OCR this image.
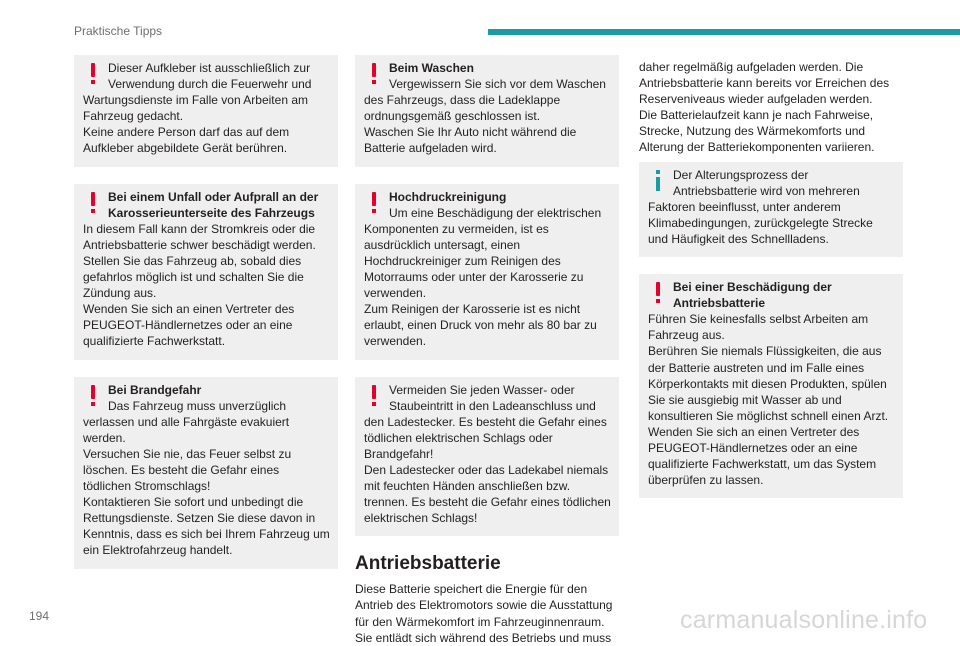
Praktische Tipps

Dieser Aufkleber ist ausschließlich zur Verwendung durch die Feuerwehr und Wartungsdienste im Falle von Arbeiten am Fahrzeug gedacht.

Keine andere Person darf das auf dem Aufkleber abgebildete Gerät berühren.

Bei einem Unfall oder Aufprall an der Karosserieunterseite des Fahrzeugs

In diesem Fall kann der Stromkreis oder die Antriebsbatterie schwer beschädigt werden.

Stellen Sie das Fahrzeug ab, sobald dies gefahrlos möglich ist und schalten Sie die Zündung aus.

Wenden Sie sich an einen Vertreter des PEUGEOT-Händlernetzes oder an eine qualifizierte Fachwerkstatt.

Bei Brandgefahr

Das Fahrzeug muss unverzüglich verlassen und alle Fahrgäste evakuiert werden.

Versuchen Sie nie, das Feuer selbst zu löschen. Es besteht die Gefahr eines tödlichen Stromschlags!

Kontaktieren Sie sofort und unbedingt die Rettungsdienste. Setzen Sie diese davon in Kenntnis, dass es sich bei Ihrem Fahrzeug um ein Elektrofahrzeug handelt.

Beim Waschen

Vergewissern Sie sich vor dem Waschen des Fahrzeugs, dass die Ladeklappe ordnungsgemäß geschlossen ist.

Waschen Sie Ihr Auto nicht während die Batterie aufgeladen wird.

Hochdruckreinigung

Um eine Beschädigung der elektrischen Komponenten zu vermeiden, ist es ausdrücklich untersagt, einen Hochdruckreiniger zum Reinigen des Motorraums oder unter der Karosserie zu verwenden.

Zum Reinigen der Karosserie ist es nicht erlaubt, einen Druck von mehr als 80 bar zu verwenden.

Vermeiden Sie jeden Wasser- oder Staubeintritt in den Ladeanschluss und den Ladestecker. Es besteht die Gefahr eines tödlichen elektrischen Schlags oder Brandgefahr!

Den Ladestecker oder das Ladekabel niemals mit feuchten Händen anschließen bzw. trennen. Es besteht die Gefahr eines tödlichen elektrischen Schlags!

Antriebsbatterie

Diese Batterie speichert die Energie für den Antrieb des Elektromotors sowie die Ausstattung für den Wärmekomfort im Fahrzeuginnenraum. Sie entlädt sich während des Betriebs und muss

daher regelmäßig aufgeladen werden. Die Antriebsbatterie kann bereits vor Erreichen des Reserveniveaus wieder aufgeladen werden.

Die Batterielaufzeit kann je nach Fahrweise, Strecke, Nutzung des Wärmekomforts und Alterung der Batteriekomponenten variieren.

Der Alterungsprozess der Antriebsbatterie wird von mehreren Faktoren beeinflusst, unter anderem Klimabedingungen, zurückgelegte Strecke und Häufigkeit des Schnellladens.

Bei einer Beschädigung der Antriebsbatterie

Führen Sie keinesfalls selbst Arbeiten am Fahrzeug aus.

Berühren Sie niemals Flüssigkeiten, die aus der Batterie austreten und im Falle eines Körperkontakts mit diesen Produkten, spülen Sie sie ausgiebig mit Wasser ab und konsultieren Sie möglichst schnell einen Arzt.

Wenden Sie sich an einen Vertreter des PEUGEOT-Händlernetzes oder an eine qualifizierte Fachwerkstatt, um das System überprüfen zu lassen.

194	carmanualsonline.info
